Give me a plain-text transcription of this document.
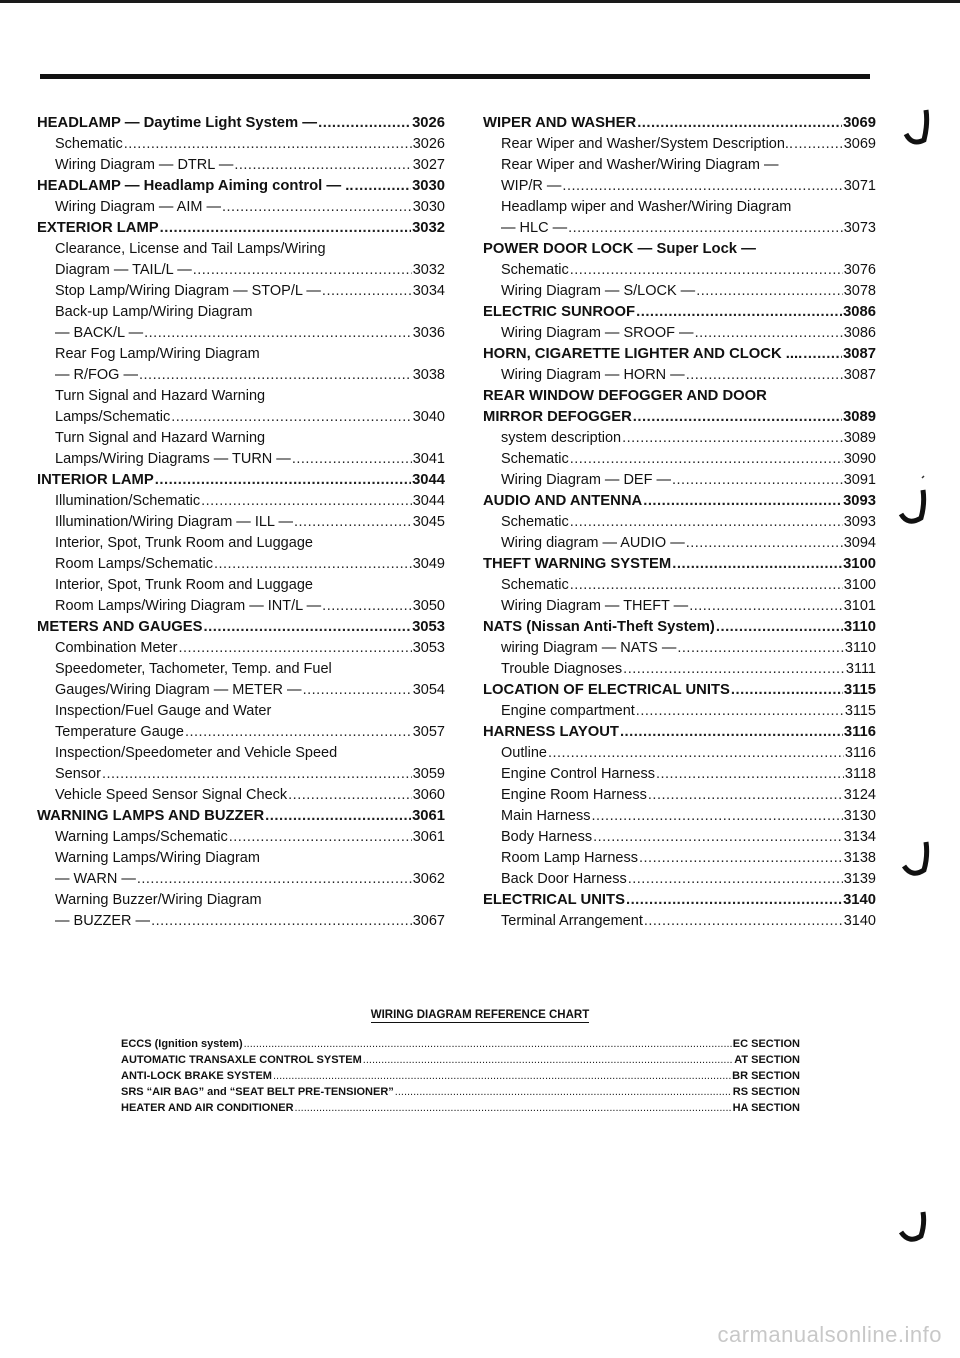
HEADLAMP — Daytime Light System — .....	3026
Schematic .....	3026
Wiring Diagram — DTRL — .....	3027
HEADLAMP — Headlamp Aiming control — .. .....	3030
Wiring Diagram — AIM — .....	3030
EXTERIOR LAMP .....	3032
Clearance, License and Tail Lamps/Wiring
Diagram — TAIL/L — .....	3032
Stop Lamp/Wiring Diagram — STOP/L — .....	3034
Back-up Lamp/Wiring Diagram
— BACK/L — .....	3036
Rear Fog Lamp/Wiring Diagram
— R/FOG — .....	3038
Turn Signal and Hazard Warning
Lamps/Schematic .....	3040
Turn Signal and Hazard Warning
Lamps/Wiring Diagrams — TURN — .....	3041
INTERIOR LAMP .....	3044
Illumination/Schematic .....	3044
Illumination/Wiring Diagram — ILL — .....	3045
Interior, Spot, Trunk Room and Luggage
Room Lamps/Schematic .....	3049
Interior, Spot, Trunk Room and Luggage
Room Lamps/Wiring Diagram — INT/L — .....	3050
METERS AND GAUGES .....	3053
Combination Meter .....	3053
Speedometer, Tachometer, Temp. and Fuel
Gauges/Wiring Diagram — METER — .....	3054
Inspection/Fuel Gauge and Water
Temperature Gauge .....	3057
Inspection/Speedometer and Vehicle Speed
Sensor .....	3059
Vehicle Speed Sensor Signal Check .....	3060
WARNING LAMPS AND BUZZER .....	3061
Warning Lamps/Schematic .....	3061
Warning Lamps/Wiring Diagram
— WARN — .....	3062
Warning Buzzer/Wiring Diagram
— BUZZER — .....	3067
WIPER AND WASHER .....	3069
Rear Wiper and Washer/System Description.. .....	3069
Rear Wiper and Washer/Wiring Diagram —
WIP/R — .....	3071
Headlamp wiper and Washer/Wiring Diagram
— HLC — .....	3073
POWER DOOR LOCK — Super Lock —
Schematic .....	3076
Wiring Diagram — S/LOCK — .....	3078
ELECTRIC SUNROOF .....	3086
Wiring Diagram — SROOF — .....	3086
HORN, CIGARETTE LIGHTER AND CLOCK .... .....	3087
Wiring Diagram — HORN — .....	3087
REAR WINDOW DEFOGGER AND DOOR
MIRROR DEFOGGER .....	3089
system description .....	3089
Schematic .....	3090
Wiring Diagram — DEF — .....	3091
AUDIO AND ANTENNA .....	3093
Schematic .....	3093
Wiring diagram — AUDIO — .....	3094
THEFT WARNING SYSTEM .....	3100
Schematic .....	3100
Wiring Diagram — THEFT — .....	3101
NATS (Nissan Anti-Theft System) .....	3110
wiring Diagram — NATS — .....	3110
Trouble Diagnoses .....	3111
LOCATION OF ELECTRICAL UNITS .....	3115
Engine compartment .....	3115
HARNESS LAYOUT .....	3116
Outline .....	3116
Engine Control Harness .....	3118
Engine Room Harness .....	3124
Main Harness .....	3130
Body Harness .....	3134
Room Lamp Harness .....	3138
Back Door Harness .....	3139
ELECTRICAL UNITS .....	3140
Terminal Arrangement .....	3140
WIRING DIAGRAM REFERENCE CHART
ECCS (Ignition system) .....	EC SECTION
AUTOMATIC TRANSAXLE CONTROL SYSTEM .....	AT SECTION
ANTI-LOCK BRAKE SYSTEM .....	BR SECTION
SRS “AIR BAG” and “SEAT BELT PRE-TENSIONER” .....	RS SECTION
HEATER AND AIR CONDITIONER .....	HA SECTION
carmanualsonline.info
